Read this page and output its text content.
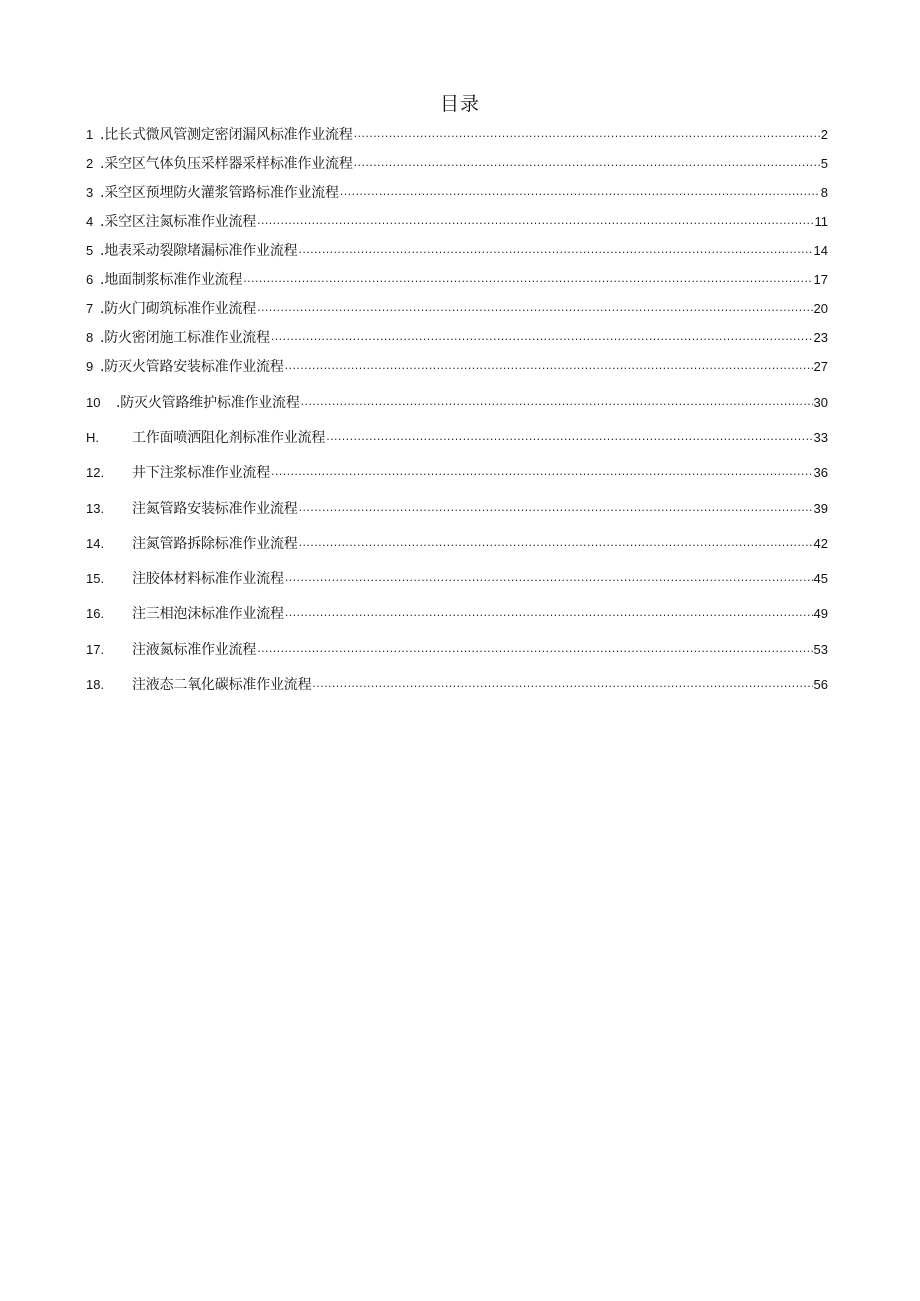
目录
1 .比长式微风管测定密闭漏风标准作业流程 .....	2
2 .采空区气体负压采样器采样标准作业流程 .....	5
3 .采空区预埋防火灌浆管路标准作业流程 .....	8
4 .采空区注氮标准作业流程 .....	11
5 .地表采动裂隙堵漏标准作业流程 .....	14
6 .地面制浆标准作业流程 .....	17
7 .防火门砌筑标准作业流程 .....	20
8 .防火密闭施工标准作业流程 .....	23
9 .防灭火管路安装标准作业流程 .....	27
10	.防灭火管路维护标准作业流程 .....	30
H.	工作面喷洒阻化剂标准作业流程 .....	33
12.	井下注浆标准作业流程 .....	36
13.	注氮管路安装标准作业流程 .....	39
14.	注氮管路拆除标准作业流程 .....	42
15.	注胶体材料标准作业流程 .....	45
16.	注三相泡沫标准作业流程 .....	49
17.	注液氮标准作业流程 .....	53
18.	注液态二氧化碳标准作业流程 .....	56
